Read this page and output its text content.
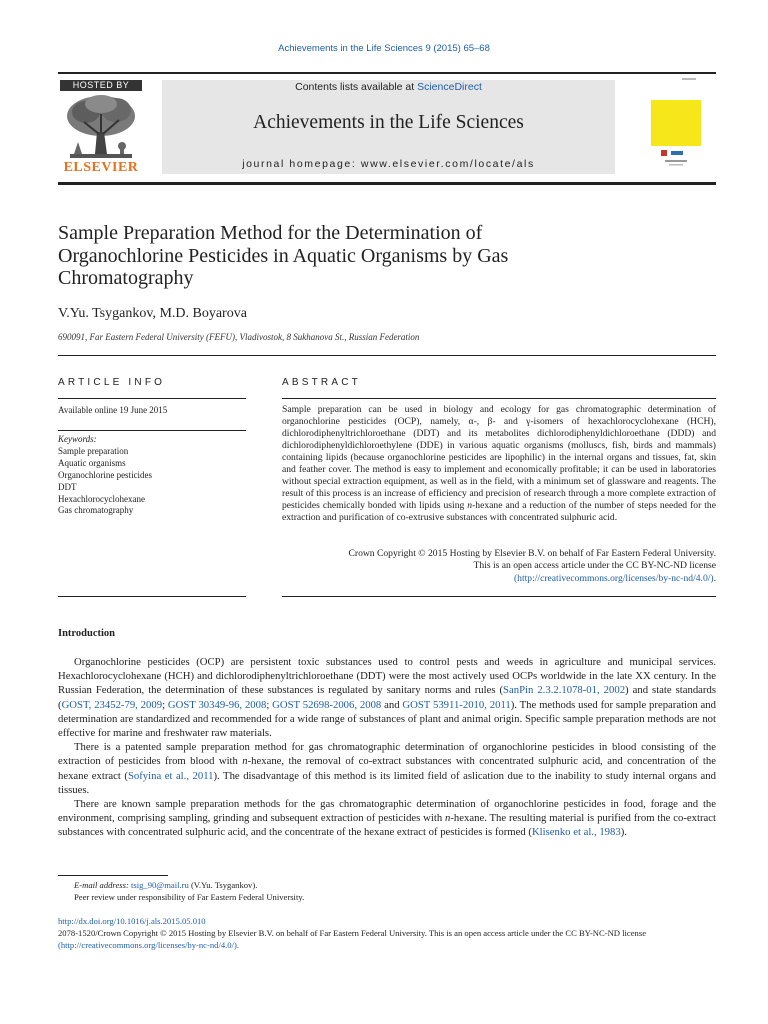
Achievements in the Life Sciences 9 (2015) 65–68
HOSTED BY
ELSEVIER
Contents lists available at ScienceDirect
Achievements in the Life Sciences
journal homepage: www.elsevier.com/locate/als
Sample Preparation Method for the Determination of Organochlorine Pesticides in Aquatic Organisms by Gas Chromatography
V.Yu. Tsygankov, M.D. Boyarova
690091, Far Eastern Federal University (FEFU), Vladivostok, 8 Sukhanova St., Russian Federation
ARTICLE INFO	ABSTRACT
Available online 19 June 2015
Keywords:
Sample preparation
Aquatic organisms
Organochlorine pesticides
DDT
Hexachlorocyclohexane
Gas chromatography
Sample preparation can be used in biology and ecology for gas chromatographic determination of organochlorine pesticides (OCP), namely, α-, β- and γ-isomers of hexachlorocyclohexane (HCH), dichlorodiphenyltrichloroethane (DDT) and its metabolites dichlorodiphenyldichloroethane (DDD) and dichlorodiphenyldichloroethylene (DDE) in various aquatic organisms (molluscs, fish, birds and mammals) containing lipids (because organochlorine pesticides are lipophilic) in the internal organs and tissues, fat, skin and feather cover. The method is easy to implement and economically profitable; it can be used in laboratories without special extraction equipment, as well as in the field, with a minimum set of glassware and reagents. The result of this process is an increase of efficiency and precision of research through a more complete extraction of pesticides chemically bonded with lipids using n-hexane and a reduction of the number of steps needed for the extraction and purification of co-extrusive substances with concentrated sulphuric acid.
Crown Copyright © 2015 Hosting by Elsevier B.V. on behalf of Far Eastern Federal University.
This is an open access article under the CC BY-NC-ND license
(http://creativecommons.org/licenses/by-nc-nd/4.0/).
Introduction

Organochlorine pesticides (OCP) are persistent toxic substances used to control pests and weeds in agriculture and municipal services. Hexachlorocyclohexane (HCH) and dichlorodiphenyltrichloroethane (DDT) were the most actively used OCPs worldwide in the late XX century. In the Russian Federation, the determination of these substances is regulated by sanitary norms and rules (SanPin 2.3.2.1078-01, 2002) and state standards (GOST, 23452-79, 2009; GOST 30349-96, 2008; GOST 52698-2006, 2008 and GOST 53911-2010, 2011). The methods used for sample preparation and determination are standardized and recommended for a wide range of substances of plant and animal origin. Specific sample preparation methods are not effective for marine and freshwater raw materials.

There is a patented sample preparation method for gas chromatographic determination of organochlorine pesticides in blood consisting of the extraction of pesticides from blood with n-hexane, the removal of co-extract substances with concentrated sulphuric acid, and concentration of the hexane extract (Sofyina et al., 2011). The disadvantage of this method is its limited field of aslication due to the inability to study internal organs and tissues.

There are known sample preparation methods for the gas chromatographic determination of organochlorine pesticides in food, forage and the environment, comprising sampling, grinding and subsequent extraction of pesticides with n-hexane. The resulting material is purified from the co-extract substances with concentrated sulphuric acid, and the concentrate of the hexane extract of pesticides is formed (Klisenko et al., 1983).

E-mail address: tsig_90@mail.ru (V.Yu. Tsygankov).
Peer review under responsibility of Far Eastern Federal University.
http://dx.doi.org/10.1016/j.als.2015.05.010
2078-1520/Crown Copyright © 2015 Hosting by Elsevier B.V. on behalf of Far Eastern Federal University. This is an open access article under the CC BY-NC-ND license
(http://creativecommons.org/licenses/by-nc-nd/4.0/).
